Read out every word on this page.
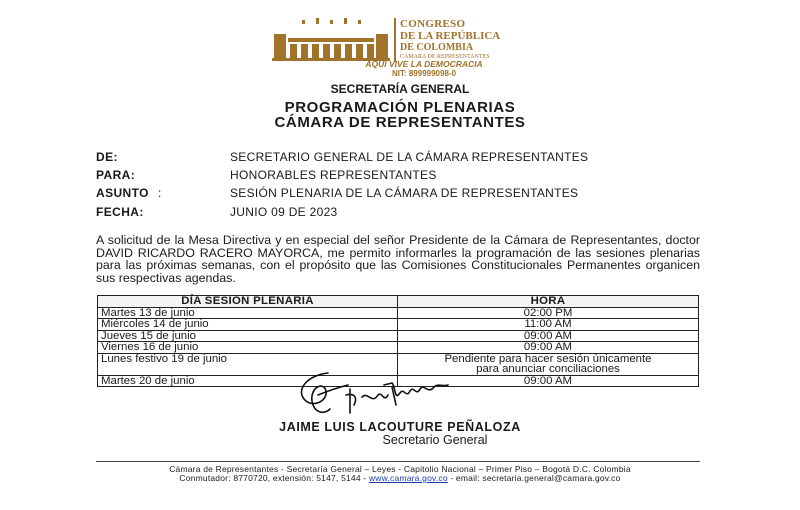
CONGRESO
DE LA REPÚBLICA
DE COLOMBIA
CÁMARA DE REPRESENTANTES
AQUÍ VIVE LA DEMOCRACIA
NIT: 899999098-0
SECRETARÍA GENERAL
PROGRAMACIÓN PLENARIAS
CÁMARA DE REPRESENTANTES
DE:	SECRETARIO GENERAL DE LA CÁMARA REPRESENTANTES
PARA:	HONORABLES REPRESENTANTES
ASUNTO :	SESIÓN PLENARIA DE LA CÁMARA DE REPRESENTANTES
FECHA:	JUNIO 09 DE 2023
A solicitud de la Mesa Directiva y en especial del señor Presidente de la Cámara de Representantes, doctor DAVID RICARDO RACERO MAYORCA, me permito informarles la programación de las sesiones plenarias para las próximas semanas, con el propósito que las Comisiones Constitucionales Permanentes organicen sus respectivas agendas.
DÍA SESION PLENARIA	HORA
Martes 13 de junio	02:00 PM
Miércoles 14 de junio	11:00 AM
Jueves 15 de junio	09:00 AM
Viernes 16 de junio	09:00 AM
Lunes festivo 19 de junio	Pendiente para hacer sesión únicamente
para anunciar conciliaciones

Martes 20 de junio	09:00 AM
JAIME LUIS LACOUTURE PEÑALOZA
Secretario General
Cámara de Representantes - Secretaría General – Leyes - Capitolio Nacional – Primer Piso – Bogotá D.C. Colombia
Conmutador: 8770720, extensión: 5147, 5144 - www.camara.gov.co - email: secretaria.general@camara.gov.co
